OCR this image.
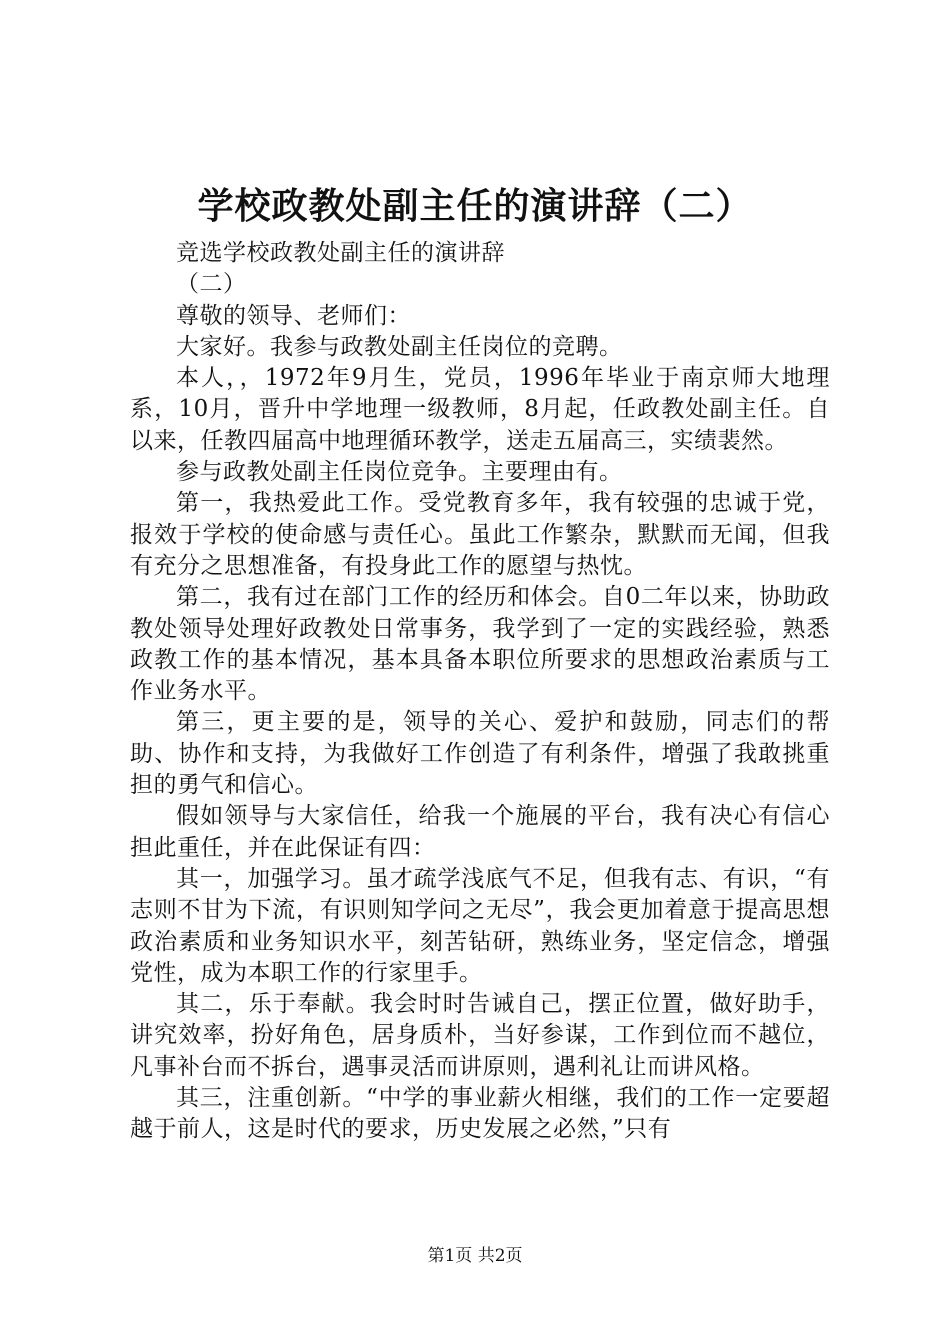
学校政教处副主任的演讲辞（二）

竞选学校政教处副主任的演讲辞

（二）

尊敬的领导、老师们：

大家好。我参与政教处副主任岗位的竞聘。

本人，，1972年9月生，党员，1996年毕业于南京师大地理系，10月，晋升中学地理一级教师，8月起，任政教处副主任。自以来，任教四届高中地理循环教学，送走五届高三，实绩裴然。

参与政教处副主任岗位竞争。主要理由有。

第一，我热爱此工作。受党教育多年，我有较强的忠诚于党，报效于学校的使命感与责任心。虽此工作繁杂，默默而无闻，但我有充分之思想准备，有投身此工作的愿望与热忱。

第二，我有过在部门工作的经历和体会。自0二年以来，协助政教处领导处理好政教处日常事务，我学到了一定的实践经验，熟悉政教工作的基本情况，基本具备本职位所要求的思想政治素质与工作业务水平。

第三，更主要的是，领导的关心、爱护和鼓励，同志们的帮助、协作和支持，为我做好工作创造了有利条件，增强了我敢挑重担的勇气和信心。

假如领导与大家信任，给我一个施展的平台，我有决心有信心担此重任，并在此保证有四：

其一，加强学习。虽才疏学浅底气不足，但我有志、有识，“有志则不甘为下流，有识则知学问之无尽”，我会更加着意于提高思想政治素质和业务知识水平，刻苦钻研，熟练业务，坚定信念，增强党性，成为本职工作的行家里手。

其二，乐于奉献。我会时时告诫自己，摆正位置，做好助手，讲究效率，扮好角色，居身质朴，当好参谋，工作到位而不越位，凡事补台而不拆台，遇事灵活而讲原则，遇利礼让而讲风格。

其三，注重创新。“中学的事业薪火相继，我们的工作一定要超越于前人，这是时代的要求，历史发展之必然，”只有

第1页 共2页
